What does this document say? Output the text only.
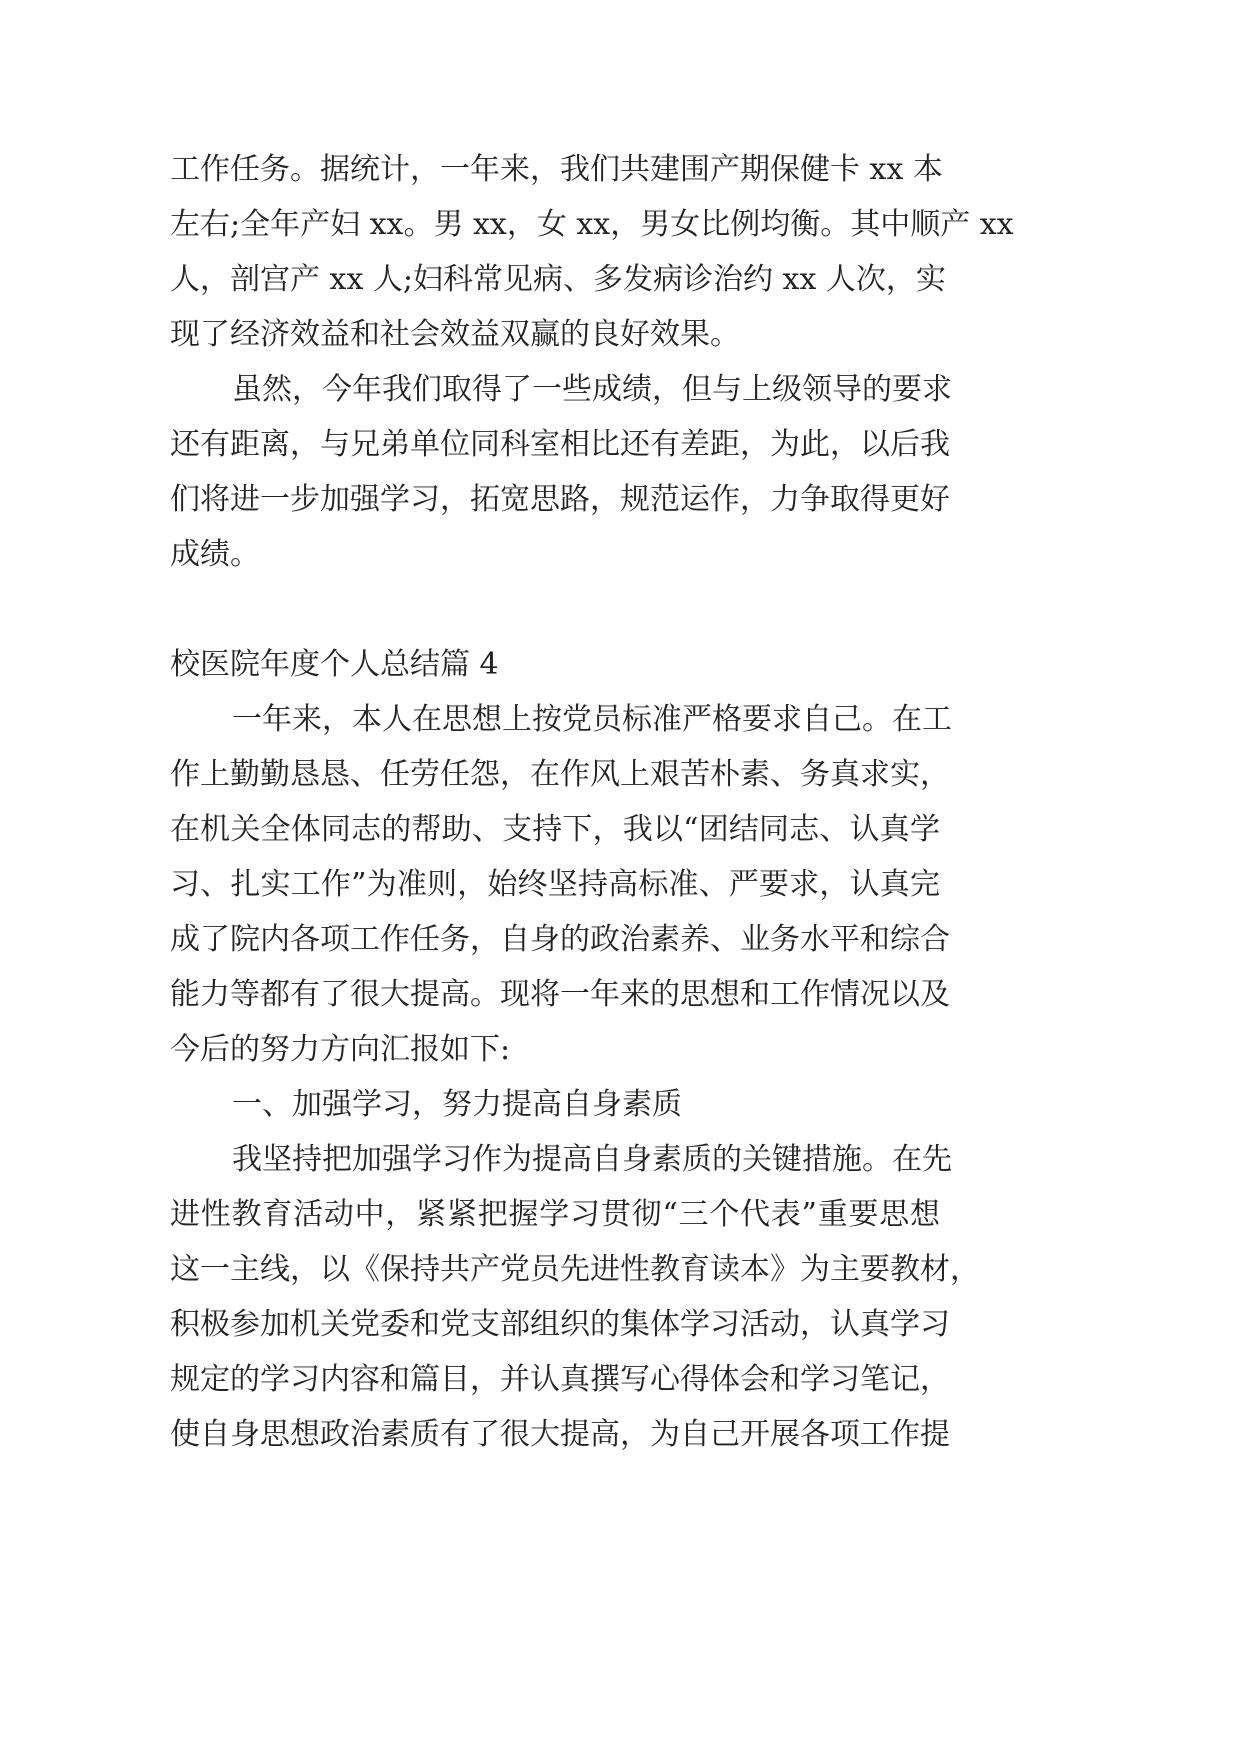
工作任务。据统计，一年来，我们共建围产期保健卡 xx 本
左右;全年产妇 xx。男 xx，女 xx，男女比例均衡。其中顺产 xx
人，剖宫产 xx 人;妇科常见病、多发病诊治约 xx 人次，实
现了经济效益和社会效益双赢的良好效果。
虽然，今年我们取得了一些成绩，但与上级领导的要求
还有距离，与兄弟单位同科室相比还有差距，为此，以后我
们将进一步加强学习，拓宽思路，规范运作，力争取得更好
成绩。
校医院年度个人总结篇 4
一年来，本人在思想上按党员标准严格要求自己。在工
作上勤勤恳恳、任劳任怨，在作风上艰苦朴素、务真求实，
在机关全体同志的帮助、支持下，我以“团结同志、认真学
习、扎实工作”为准则，始终坚持高标准、严要求，认真完
成了院内各项工作任务，自身的政治素养、业务水平和综合
能力等都有了很大提高。现将一年来的思想和工作情况以及
今后的努力方向汇报如下:
一、加强学习，努力提高自身素质
我坚持把加强学习作为提高自身素质的关键措施。在先
进性教育活动中，紧紧把握学习贯彻“三个代表”重要思想
这一主线，以《保持共产党员先进性教育读本》为主要教材，
积极参加机关党委和党支部组织的集体学习活动，认真学习
规定的学习内容和篇目，并认真撰写心得体会和学习笔记，
使自身思想政治素质有了很大提高，为自己开展各项工作提
